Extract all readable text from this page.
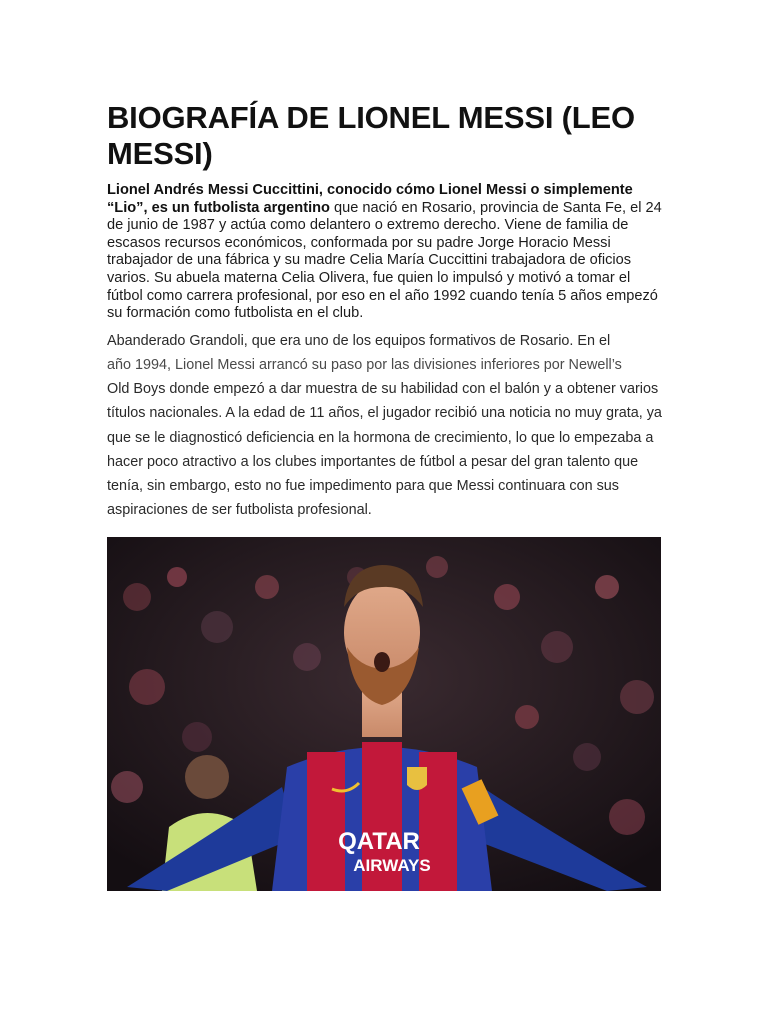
BIOGRAFÍA DE LIONEL MESSI (LEO MESSI)

Lionel Andrés Messi Cuccittini, conocido cómo Lionel Messi o simplemente “Lio”, es un futbolista argentino que nació en Rosario, provincia de Santa Fe, el 24 de junio de 1987 y actúa como delantero o extremo derecho. Viene de familia de escasos recursos económicos, conformada por su padre Jorge Horacio Messi trabajador de una fábrica y su madre Celia María Cuccittini trabajadora de oficios varios. Su abuela materna Celia Olivera, fue quien lo impulsó y motivó a tomar el fútbol como carrera profesional, por eso en el año 1992 cuando tenía 5 años empezó su formación como futbolista en el club.

Abanderado Grandoli, que era uno de los equipos formativos de Rosario. En el
año 1994, Lionel Messi arrancó su paso por las divisiones inferiores por Newell’s
Old Boys donde empezó a dar muestra de su habilidad con el balón y a obtener varios títulos nacionales. A la edad de 11 años, el jugador recibió una noticia no muy grata, ya que se le diagnosticó deficiencia en la hormona de crecimiento, lo que lo empezaba a hacer poco atractivo a los clubes importantes de fútbol a pesar del gran talento que tenía, sin embargo, esto no fue impedimento para que Messi continuara con sus aspiraciones de ser futbolista profesional.

QATAR
AIRWAYS
